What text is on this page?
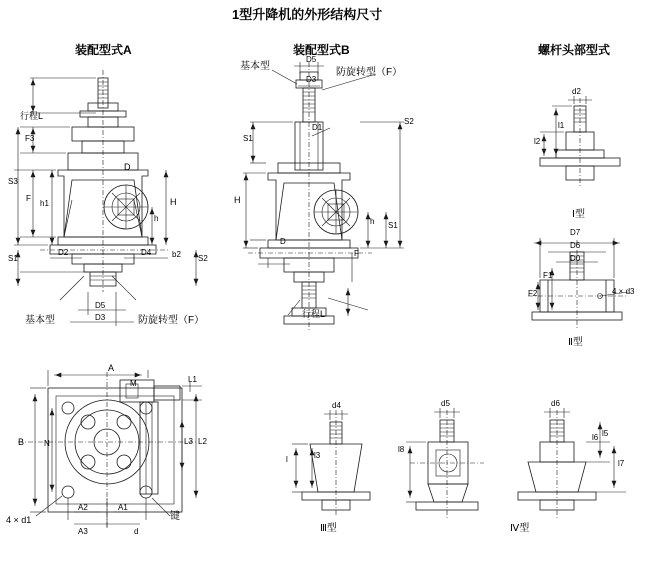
1型升降机的外形结构尺寸
装配型式A	装配型式B	螺杆头部型式
行程L
F3
S3
F
D
h1	H
h
S1
D2	D4	b2 S2
D5
D3
基本型	防旋转型（F）
基本型
防旋转型（F）
D5
D3
D1
S1
S2
H
h S1
D
F
行程L
d2
l1
l2
Ⅰ型
D7
D6
D0
F1
F2	4 × d3
Ⅱ型
A
M	L1
B N	L2
L3
4 × d1
A2
A3
A1
d
键
d4
l3
l
Ⅲ型
d5
l8
d6
l5
l6
l7
Ⅳ型
